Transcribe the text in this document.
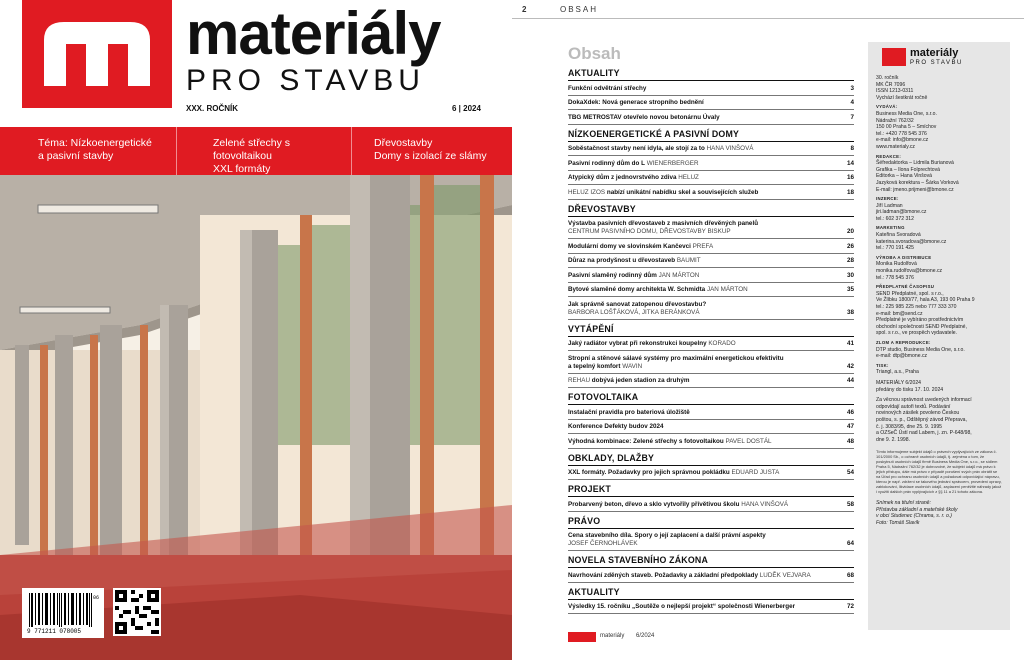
materiály
PRO STAVBU
XXX. ROČNÍK	6 | 2024
Téma: Nízkoenergetické
a pasivní stavby
Zelené střechy s fotovoltaikou
XXL formáty
Dřevostavby
Domy s izolací ze slámy
9 771211 078005
06
2	OBSAH
Obsah
AKTUALITY
Funkční odvětrání střechy	3
DokaXdek: Nová generace stropního bednění	4
TBG METROSTAV otevřelo novou betonárnu Úvaly	7
NÍZKOENERGETICKÉ A PASIVNÍ DOMY
Soběstačnost stavby není idyla, ale stojí za to HANA VINŠOVÁ	8
Pasivní rodinný dům do L WIENERBERGER	14
Atypický dům z jednovrstvého zdiva HELUZ	16
HELUZ IZOS nabízí unikátní nabídku skel a souvisejících služeb	18
DŘEVOSTAVBY
Výstavba pasivních dřevostaveb z masivních dřevěných panelů
CENTRUM PASIVNÍHO DOMU, DŘEVOSTAVBY BISKUP	20
Modulární domy ve slovinském Kančevci PREFA	26
Důraz na prodyšnost u dřevostaveb BAUMIT	28
Pasivní slaměný rodinný dům JAN MÁRTON	30
Bytové slaměné domy architekta W. Schmidta JAN MÁRTON	35
Jak správně sanovat zatopenou dřevostavbu?
BARBORA LOŠŤÁKOVÁ, JITKA BERÁNKOVÁ	38
VYTÁPĚNÍ
Jaký radiátor vybrat při rekonstrukci koupelny KORADO	41
Stropní a stěnové sálavé systémy pro maximální energetickou efektivitu
a tepelný komfort WAVIN	42
REHAU dobývá jeden stadion za druhým	44
FOTOVOLTAIKA
Instalační pravidla pro bateriová úložiště	46
Konference Defekty budov 2024	47
Výhodná kombinace: Zelené střechy s fotovoltaikou PAVEL DOSTÁL	48
OBKLADY, DLAŽBY
XXL formáty. Požadavky pro jejich správnou pokládku EDUARD JUSTA	54
PROJEKT
Probarvený beton, dřevo a sklo vytvořily přívětivou školu HANA VINŠOVÁ	58
PRÁVO
Cena stavebního díla. Spory o její zaplacení a další právní aspekty
JOSEF ČERNOHLÁVEK	64
NOVELA STAVEBNÍHO ZÁKONA
Navrhování zděných staveb. Požadavky a základní předpoklady LUDĚK VEJVARA	68
AKTUALITY
Výsledky 15. ročníku „Soutěže o nejlepší projekt“ společnosti Wienerberger	72
materiály 6/2024
materiály
PRO STAVBU
30. ročník
MK ČR 7096
ISSN 1213-0311
Vychází šestkrát ročně
VYDÁVÁ:
Business Media One, s.r.o.
Nádražní 762/32
150 00 Praha 5 – Smíchov
tel.: +420 778 545 376
e-mail: info@bmone.cz
www.materialy.cz
REDAKCE:
Šéfredaktorka – Lidmila Burianová
Grafika – Ilona Folprechtová
Editorka – Hana Vinšová
Jazyková korektura – Šárka Vorková
E-mail: jmeno.prijmeni@bmone.cz
INZERCE:
Jiří Ladman
jiri.ladman@bmone.cz
tel.: 602 372 312
MARKETING
Kateřina Svoradová
katerina.svoradova@bmone.cz
tel.: 770 191 425
VÝROBA A DISTRIBUCE
Monika Rudolfová
monika.rudolfova@bmone.cz
tel.: 778 545 376
PŘEDPLATNÉ ČASOPISU
SEND Předplatné, spol. s r.o.,
Ve Žlíbku 1800/77, hala A3, 193 00 Praha 9
tel.: 225 985 225 nebo 777 333 370
e-mail: bm@send.cz
Předplatné je vybíráno prostřednictvím
obchodní společnosti SEND Předplatné,
spol. s r.o., ve prospěch vydavatele.
ZLOM A REPRODUKCE:
DTP studio, Business Media One, s.r.o.
e-mail: dtp@bmone.cz
TISK:
Triangl, a.s., Praha
MATERIÁLY 6/2024
předány do tisku 17. 10. 2024
Za věcnou správnost uvedených informací
odpovídají autoři textů. Podávání
novinových zásilek povoleno Českou
poštou, s. p., Odštěpný závod Přeprava,
č. j. 3083/95, dne 25. 9. 1995
a OZSeČ Ústí nad Labem, j. zn. P-648/98,
dne 9. 2. 1998.
Tímto informujeme subjekt údajů o právech vyplývajících ze zákona č. 101/2000 Sb., o ochraně osobních údajů, tj. zejména o tom, že poskytnutí osobních údajů firmě Business Media One, s.r.o., se sídlem Praha 5, Nádražní 762/32 je dobrovolné, že subjekt údajů má právo k jejich přístupu, dále má právo v případě porušení svých práv obrátit se na Úřad pro ochranu osobních údajů a požadovat odpovídající nápravu, kterou je např. zdržení se takového jednání správcem, provedení opravy, zablokování, likvidace osobních údajů, zaplacení peněžité náhrady jakož i využití dalších práv vyplývajících z §§ 11 a 21 tohoto zákona.
Snímek na titulní straně:
Přístavba základní a mateřské školy
v obci Studenec (Chrama, s. r. o.)
Foto: Tomáš Slavík
